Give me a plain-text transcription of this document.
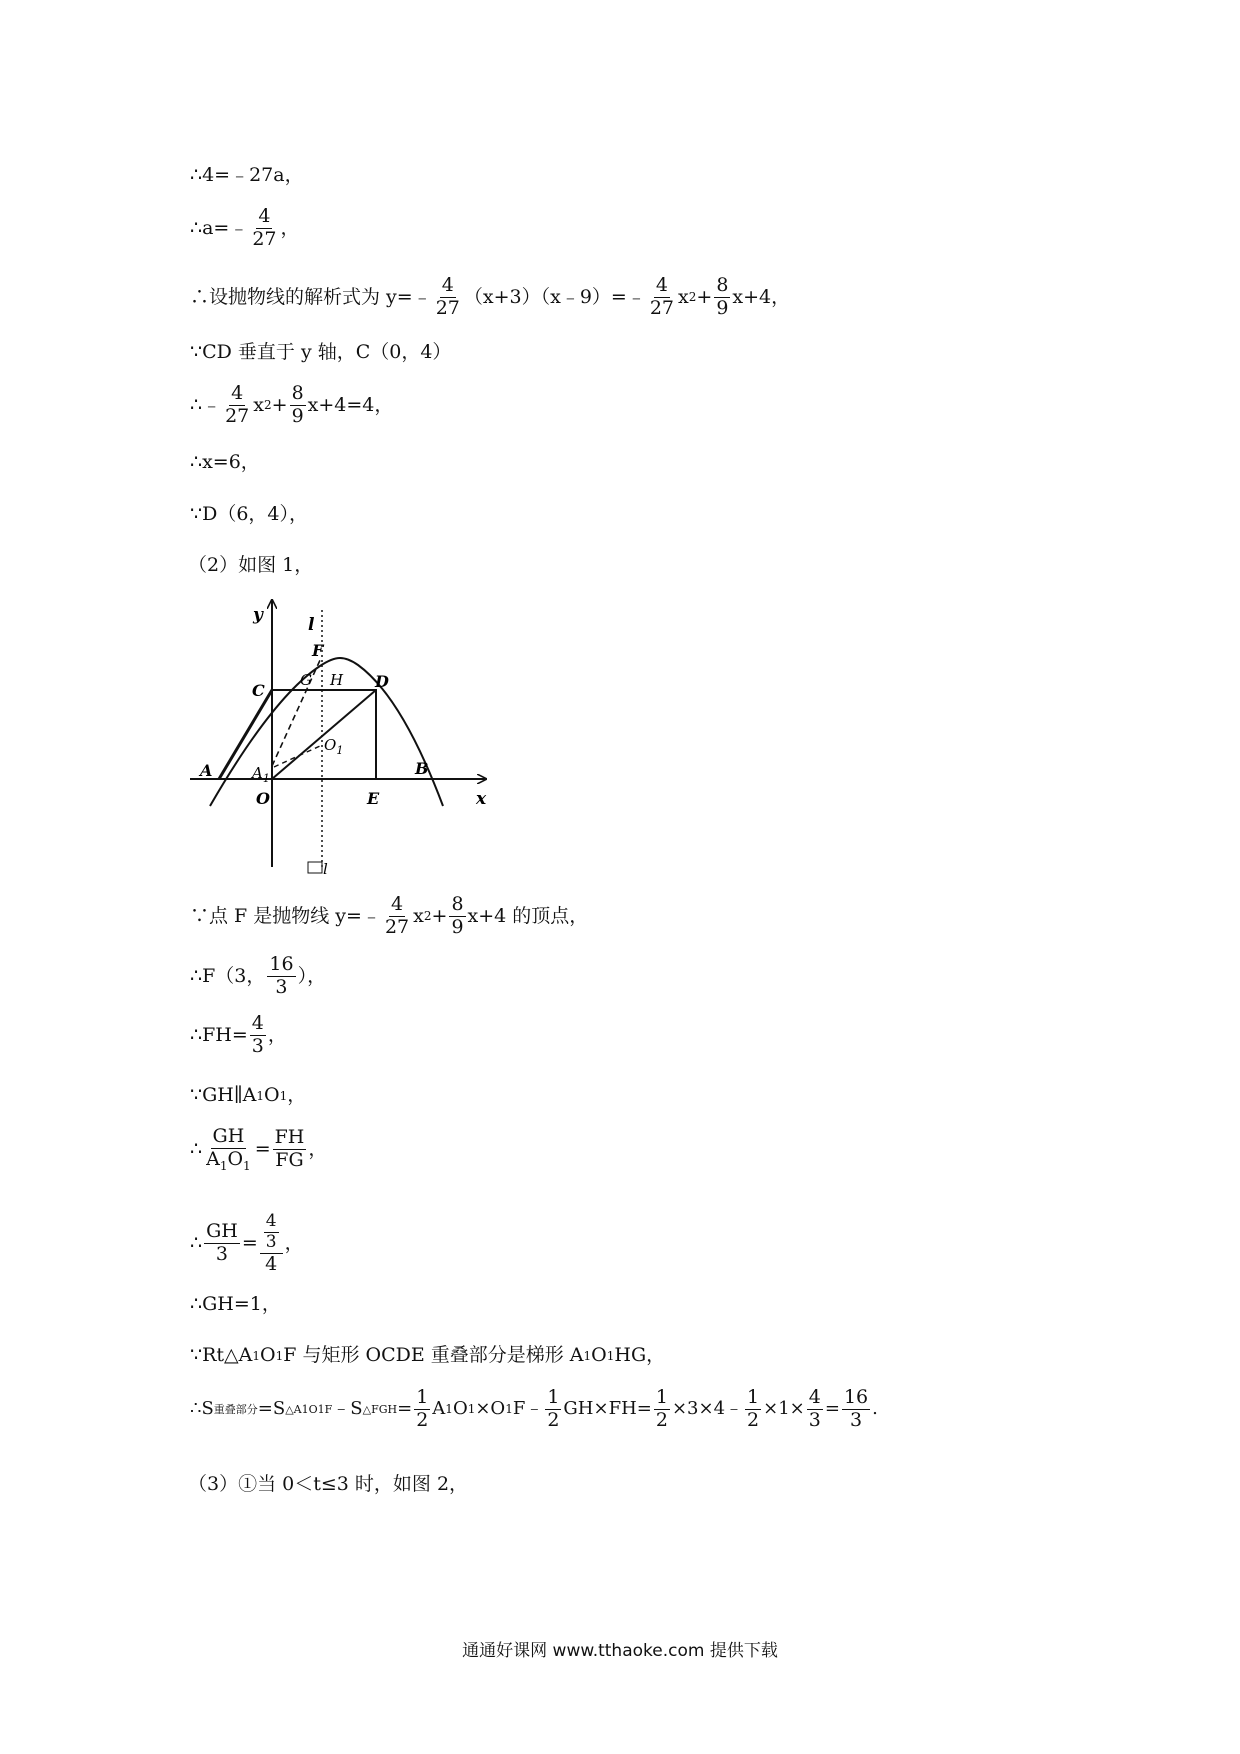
∴4=﹣27a，
∴a=﹣ $\frac{4}{27}$ ，
∴设抛物线的解析式为 y=﹣ $\frac{4}{27}$ （x+3）（x﹣9）=﹣ $\frac{4}{27}$ x $2 + \frac{8}{9} x+4$，
∵CD 垂直于 y 轴，C（0，4）
∴﹣ $\frac{4}{27}$ x $2 + \frac{8}{9} x+4=4$，
∴x=6，
∵D（6，4），
（2）如图 1，
y
x
l
l
F
G H
C	D
$A_1$
$O_1$
A	B
O	E
∵点 F 是抛物线 y=﹣ $\frac{4}{27}$ x $2 + \frac{8}{9} x+4$ 的顶点，
∴F（3， $\frac{16}{3}$ ），
∴FH= $\frac{4}{3}$ ，
∵GH∥A 1 O 1 ，
∴ $\frac{GH}{A_1O_1} = \frac{FH}{FG}$ ，
∴ $\frac{GH}{3} = \frac{\frac{4}{3}}{4}$ ，
∴GH=1，
∵Rt△A 1 O 1 F 与矩形 OCDE 重叠部分是梯形 A 1 O 1 HG，
∴S 重叠部分 =S △A1O1F ﹣S △FGH = $\frac{1}{2}$ A 1 O 1 ×O 1 F﹣ $\frac{1}{2} GH\times FH= \frac{1}{2}$ ×3×4﹣ $\frac{1}{2} \times 1\times \frac{4}{3} = \frac{16}{3}$ .
（3）①当 0＜t≤3 时，如图 2，
通通好课网 www.tthaoke.com 提供下载
